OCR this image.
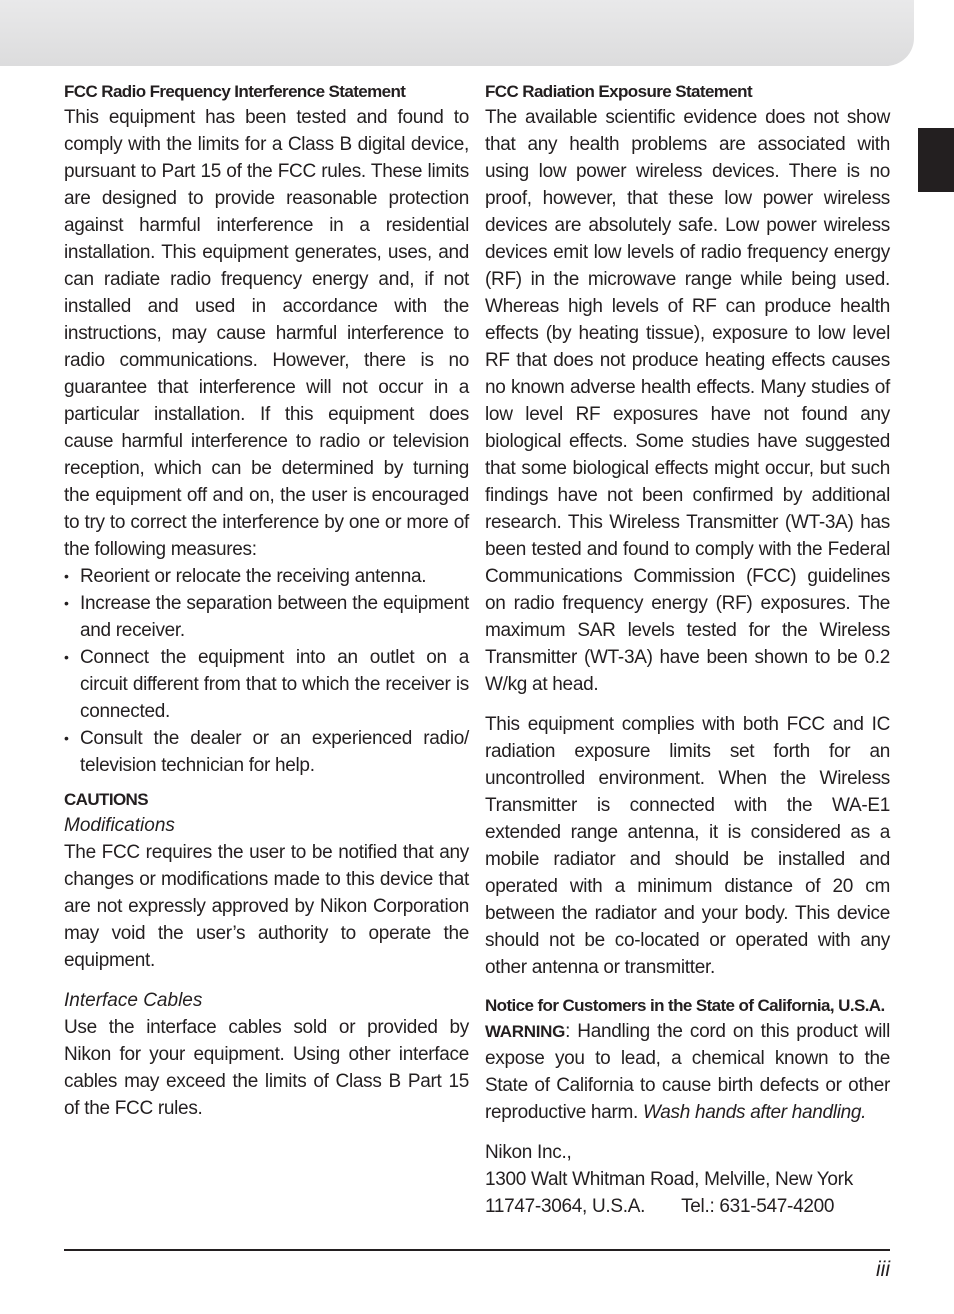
FCC Radio Frequency Interference Statement

This equipment has been tested and found to comply with the limits for a Class B digital device, pursuant to Part 15 of the FCC rules. These limits are designed to provide reasonable protection against harmful interference in a residential installation. This equipment generates, uses, and can radiate radio frequency energy and, if not installed and used in accordance with the instructions, may cause harmful interference to radio communications. However, there is no guarantee that interference will not occur in a particular installation. If this equipment does cause harmful interference to radio or television reception, which can be determined by turning the equipment off and on, the user is encouraged to try to correct the interference by one or more of the following measures:

• Reorient or relocate the receiving antenna.
• Increase the separation between the equipment and receiver.
• Connect the equipment into an outlet on a circuit different from that to which the receiver is connected.
• Consult the dealer or an experienced radio/ television technician for help.

CAUTIONS

Modifications

The FCC requires the user to be notified that any changes or modifications made to this device that are not expressly approved by Nikon Corporation may void the user’s authority to operate the equipment.

Interface Cables

Use the interface cables sold or provided by Nikon for your equipment. Using other interface cables may exceed the limits of Class B Part 15 of the FCC rules.

FCC Radiation Exposure Statement

The available scientific evidence does not show that any health problems are associated with using low power wireless devices. There is no proof, however, that these low power wireless devices are absolutely safe. Low power wireless devices emit low levels of radio frequency energy (RF) in the microwave range while being used. Whereas high levels of RF can produce health effects (by heating tissue), exposure to low level RF that does not produce heating effects causes no known adverse health effects. Many studies of low level RF exposures have not found any biological effects. Some studies have suggested that some biological effects might occur, but such findings have not been confirmed by additional research. This Wireless Transmitter (WT-3A) has been tested and found to comply with the Federal Communications Commission (FCC) guidelines on radio frequency energy (RF) exposures. The maximum SAR levels tested for the Wireless Transmitter (WT-3A) have been shown to be 0.2 W/kg at head.

This equipment complies with both FCC and IC radiation exposure limits set forth for an uncontrolled environment. When the Wireless Transmitter is connected with the WA-E1 extended range antenna, it is considered as a mobile radiator and should be installed and operated with a minimum distance of 20 cm between the radiator and your body. This device should not be co-located or operated with any other antenna or transmitter.

Notice for Customers in the State of California, U.S.A.

WARNING: Handling the cord on this product will expose you to lead, a chemical known to the State of California to cause birth defects or other reproductive harm. Wash hands after handling.

Nikon Inc.,

1300 Walt Whitman Road, Melville, New York

11747-3064, U.S.A. Tel.: 631-547-4200

iii
